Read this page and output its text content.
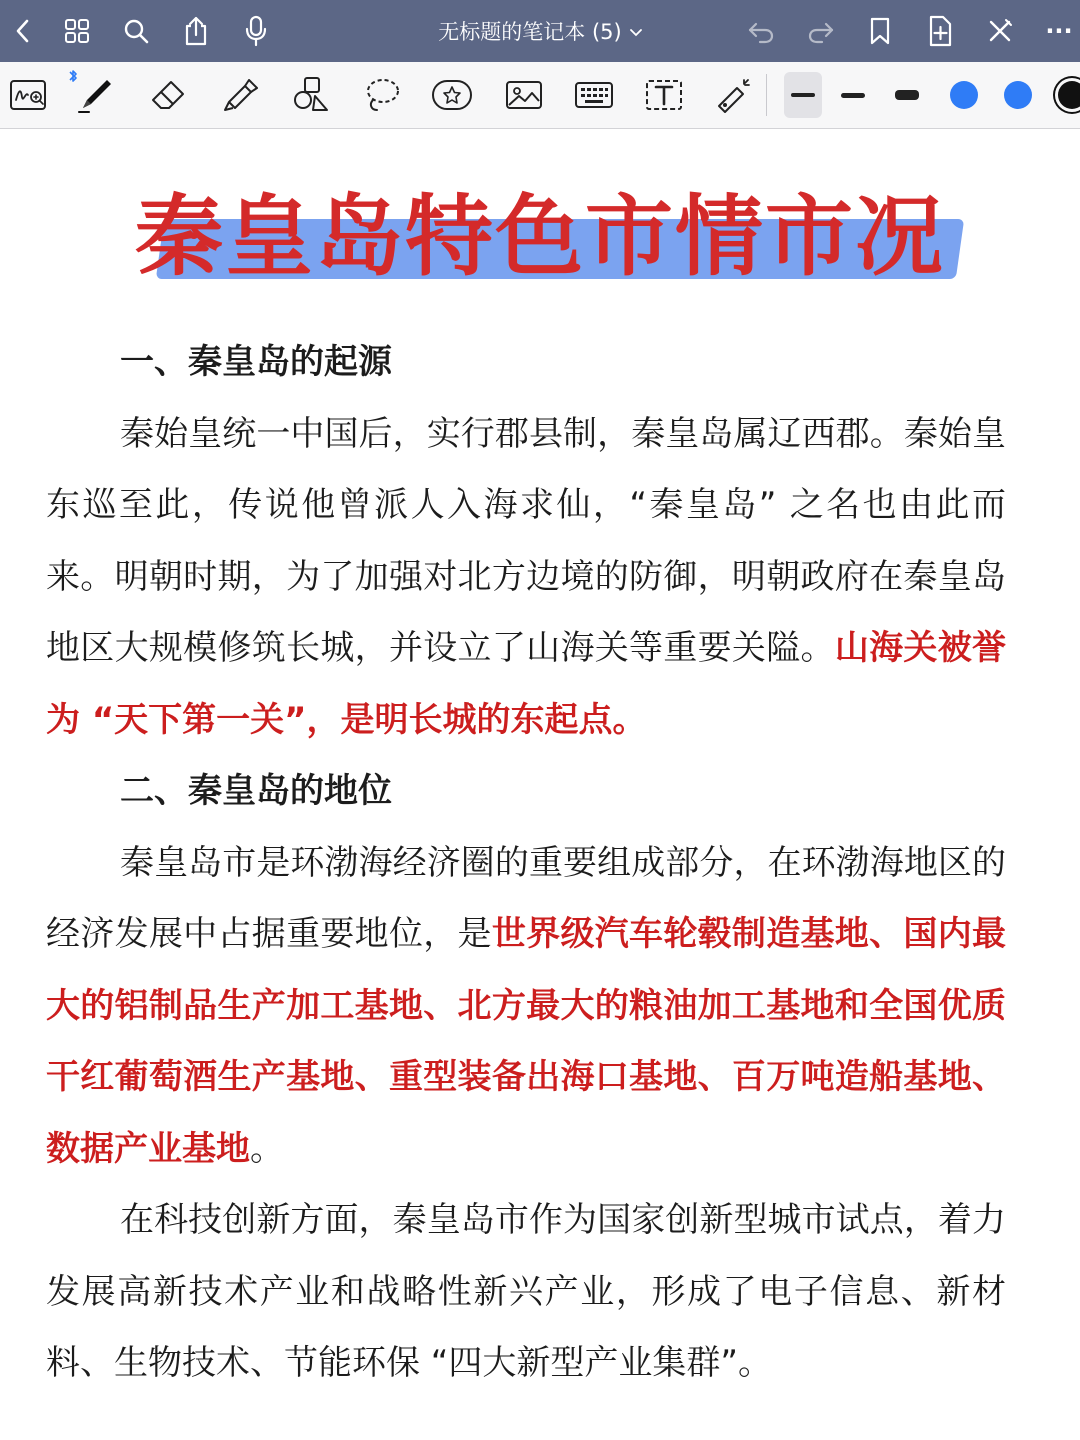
无标题的笔记本 (5)	···
秦皇岛特色市情市况
一、秦皇岛的起源
秦始皇统一中国后，实行郡县制，秦皇岛属辽西郡。秦始皇东巡至此，传说他曾派人入海求仙，“秦皇岛” 之名也由此而来。明朝时期，为了加强对北方边境的防御，明朝政府在秦皇岛地区大规模修筑长城，并设立了山海关等重要关隘。山海关被誉为 “天下第一关”，是明长城的东起点。
二、秦皇岛的地位
秦皇岛市是环渤海经济圈的重要组成部分，在环渤海地区的经济发展中占据重要地位，是世界级汽车轮毂制造基地、国内最大的铝制品生产加工基地、北方最大的粮油加工基地和全国优质干红葡萄酒生产基地、重型装备出海口基地、百万吨造船基地、数据产业基地。
在科技创新方面，秦皇岛市作为国家创新型城市试点，着力发展高新技术产业和战略性新兴产业，形成了电子信息、新材料、生物技术、节能环保 “四大新型产业集群”。
